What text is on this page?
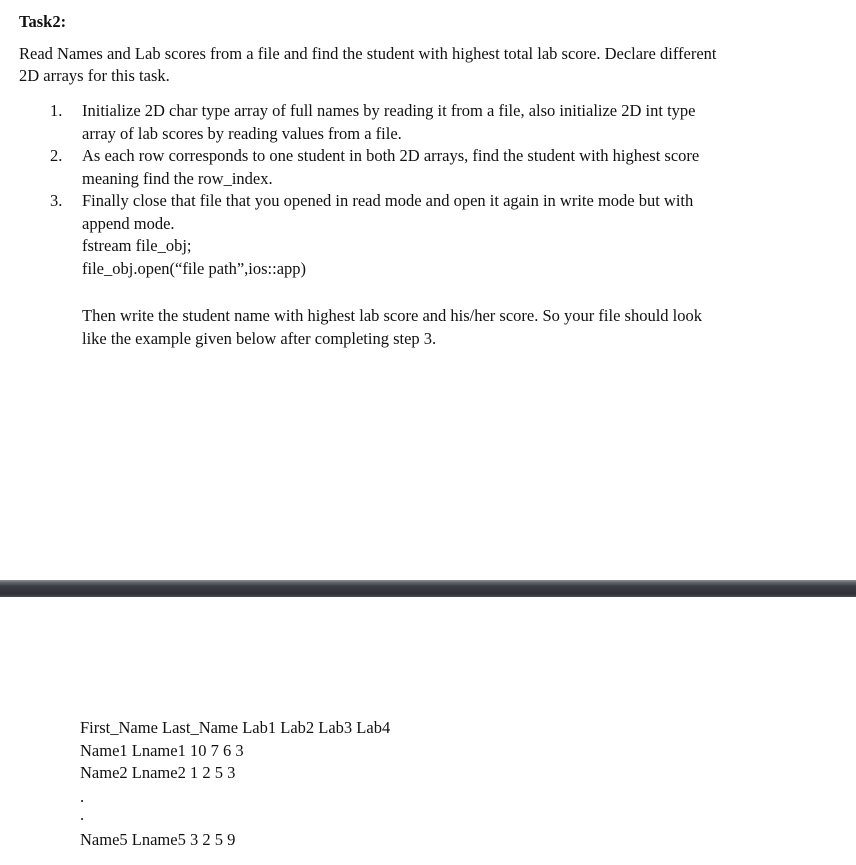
Task2:

Read Names and Lab scores from a file and find the student with highest total lab score. Declare different

2D arrays for this task.

1.	Initialize 2D char type array of full names by reading it from a file, also initialize 2D int type
array of lab scores by reading values from a file.
2.	As each row corresponds to one student in both 2D arrays, find the student with highest score
meaning find the row_index.
3.	Finally close that file that you opened in read mode and open it again in write mode but with
append mode.
fstream file_obj;
file_obj.open(“file path”,ios::app)
Then write the student name with highest lab score and his/her score. So your file should look
like the example given below after completing step 3.
First_Name Last_Name Lab1 Lab2 Lab3 Lab4
Name1 Lname1 10 7 6 3
Name2 Lname2 1 2 5 3
.
.
Name5 Lname5 3 2 5 9
